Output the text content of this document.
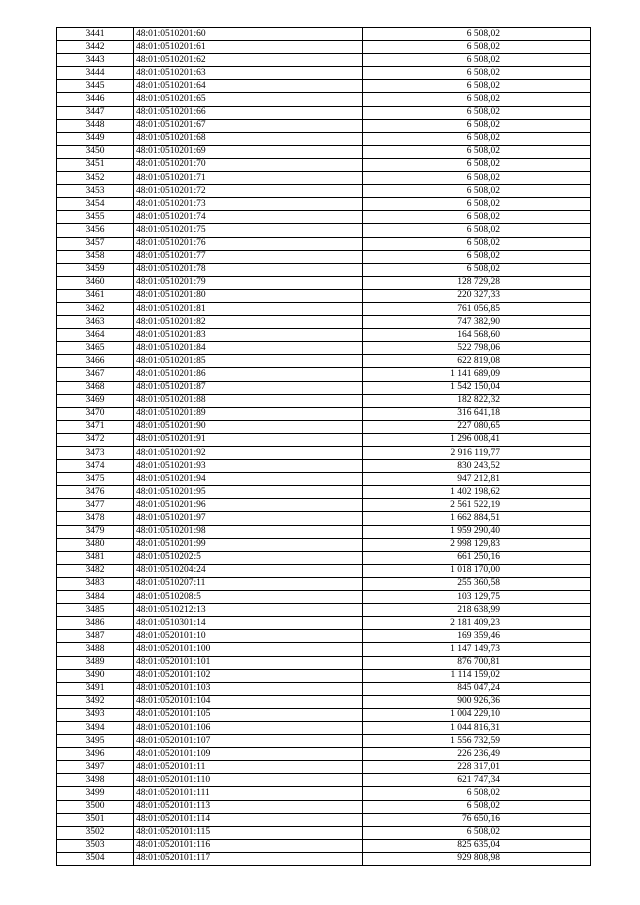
3441	48:01:0510201:60	6 508,02
3442	48:01:0510201:61	6 508,02
3443	48:01:0510201:62	6 508,02
3444	48:01:0510201:63	6 508,02
3445	48:01:0510201:64	6 508,02
3446	48:01:0510201:65	6 508,02
3447	48:01:0510201:66	6 508,02
3448	48:01:0510201:67	6 508,02
3449	48:01:0510201:68	6 508,02
3450	48:01:0510201:69	6 508,02
3451	48:01:0510201:70	6 508,02
3452	48:01:0510201:71	6 508,02
3453	48:01:0510201:72	6 508,02
3454	48:01:0510201:73	6 508,02
3455	48:01:0510201:74	6 508,02
3456	48:01:0510201:75	6 508,02
3457	48:01:0510201:76	6 508,02
3458	48:01:0510201:77	6 508,02
3459	48:01:0510201:78	6 508,02
3460	48:01:0510201:79	128 729,28
3461	48:01:0510201:80	220 327,33
3462	48:01:0510201:81	761 056,85
3463	48:01:0510201:82	747 382,90
3464	48:01:0510201:83	164 568,60
3465	48:01:0510201:84	522 798,06
3466	48:01:0510201:85	622 819,08
3467	48:01:0510201:86	1 141 689,09
3468	48:01:0510201:87	1 542 150,04
3469	48:01:0510201:88	182 822,32
3470	48:01:0510201:89	316 641,18
3471	48:01:0510201:90	227 080,65
3472	48:01:0510201:91	1 296 008,41
3473	48:01:0510201:92	2 916 119,77
3474	48:01:0510201:93	830 243,52
3475	48:01:0510201:94	947 212,81
3476	48:01:0510201:95	1 402 198,62
3477	48:01:0510201:96	2 561 522,19
3478	48:01:0510201:97	1 662 884,51
3479	48:01:0510201:98	1 959 290,40
3480	48:01:0510201:99	2 998 129,83
3481	48:01:0510202:5	661 250,16
3482	48:01:0510204:24	1 018 170,00
3483	48:01:0510207:11	255 360,58
3484	48:01:0510208:5	103 129,75
3485	48:01:0510212:13	218 638,99
3486	48:01:0510301:14	2 181 409,23
3487	48:01:0520101:10	169 359,46
3488	48:01:0520101:100	1 147 149,73
3489	48:01:0520101:101	876 700,81
3490	48:01:0520101:102	1 114 159,02
3491	48:01:0520101:103	845 047,24
3492	48:01:0520101:104	900 926,36
3493	48:01:0520101:105	1 004 229,10
3494	48:01:0520101:106	1 044 816,31
3495	48:01:0520101:107	1 556 732,59
3496	48:01:0520101:109	226 236,49
3497	48:01:0520101:11	228 317,01
3498	48:01:0520101:110	621 747,34
3499	48:01:0520101:111	6 508,02
3500	48:01:0520101:113	6 508,02
3501	48:01:0520101:114	76 650,16
3502	48:01:0520101:115	6 508,02
3503	48:01:0520101:116	825 635,04
3504	48:01:0520101:117	929 808,98
